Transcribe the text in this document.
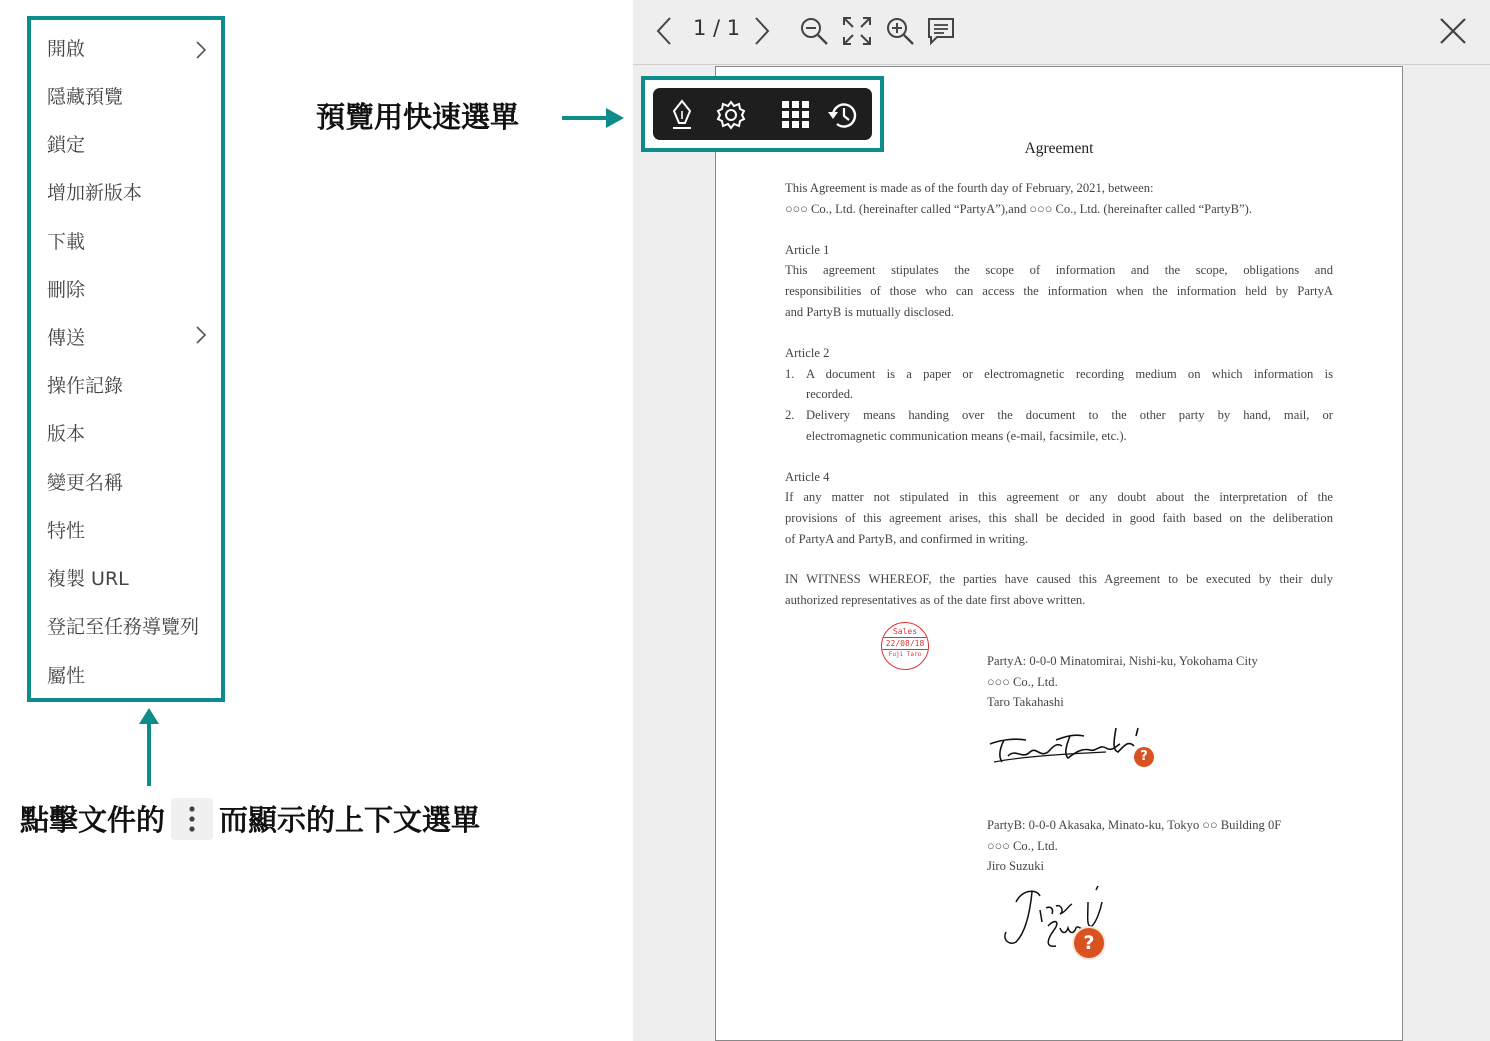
開啟
隱藏預覽
鎖定
增加新版本
下載
刪除
傳送
操作記錄
版本
變更名稱
特性
複製 URL
登記至任務導覽列
屬性
點擊文件的 而顯示的上下文選單
預覽用快速選單
1 / 1
Agreement
This Agreement is made as of the fourth day of February, 2021, between:
○○○ Co., Ltd. (hereinafter called “PartyA”),and ○○○ Co., Ltd. (hereinafter called “PartyB”).
Article 1
This agreement stipulates the scope of information and the scope, obligations and
responsibilities of those who can access the information when the information held by PartyA
and PartyB is mutually disclosed.
Article 2
1. A document is a paper or electromagnetic recording medium on which information is
recorded.
2. Delivery means handing over the document to the other party by hand, mail, or
electromagnetic communication means (e-mail, facsimile, etc.).
Article 4
If any matter not stipulated in this agreement or any doubt about the interpretation of the
provisions of this agreement arises, this shall be decided in good faith based on the deliberation
of PartyA and PartyB, and confirmed in writing.
IN WITNESS WHEREOF, the parties have caused this Agreement to be executed by their duly
authorized representatives as of the date first above written.
Sales
22/08/18
Fuji Taro	PartyA: 0-0-0 Minatomirai, Nishi-ku, Yokohama City
○○○ Co., Ltd.
Taro Takahashi
?
PartyB: 0-0-0 Akasaka, Minato-ku, Tokyo ○○ Building 0F
○○○ Co., Ltd.
Jiro Suzuki
?
